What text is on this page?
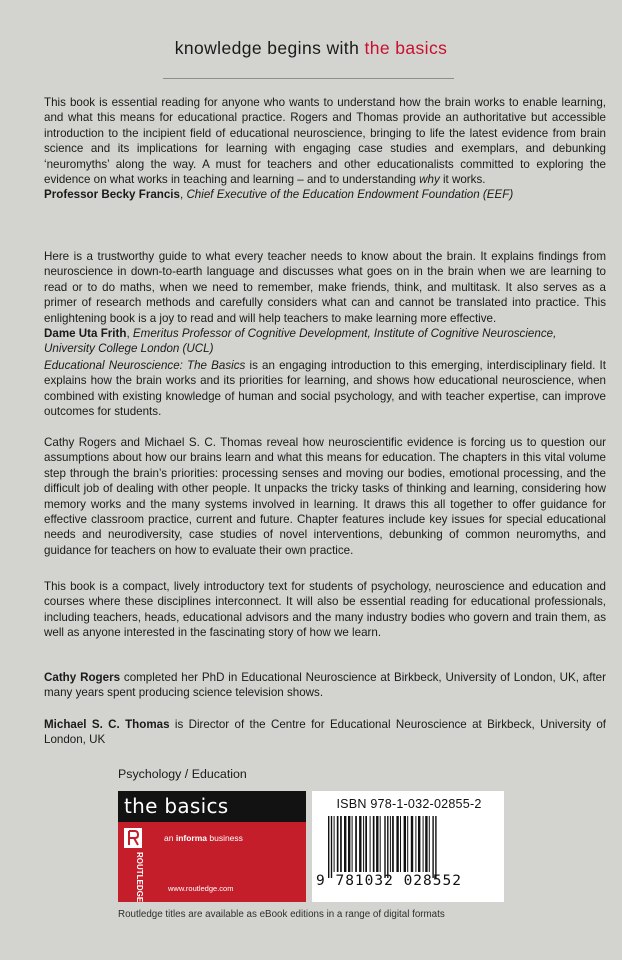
knowledge begins with the basics

This book is essential reading for anyone who wants to understand how the brain works to enable learning, and what this means for educational practice. Rogers and Thomas provide an authoritative but accessible introduction to the incipient field of educational neuroscience, bringing to life the latest evidence from brain science and its implications for learning with engaging case studies and exemplars, and debunking ‘neuromyths’ along the way. A must for teachers and other educationalists committed to exploring the evidence on what works in teaching and learning – and to understanding why it works.

Professor Becky Francis, Chief Executive of the Education Endowment Foundation (EEF)

Here is a trustworthy guide to what every teacher needs to know about the brain. It explains findings from neuroscience in down-to-earth language and discusses what goes on in the brain when we are learning to read or to do maths, when we need to remember, make friends, think, and multitask. It also serves as a primer of research methods and carefully considers what can and cannot be translated into practice. This enlightening book is a joy to read and will help teachers to make learning more effective.

Dame Uta Frith, Emeritus Professor of Cognitive Development, Institute of Cognitive Neuroscience, University College London (UCL)

Educational Neuroscience: The Basics is an engaging introduction to this emerging, interdisciplinary field. It explains how the brain works and its priorities for learning, and shows how educational neuroscience, when combined with existing knowledge of human and social psychology, and with teacher expertise, can improve outcomes for students.

Cathy Rogers and Michael S. C. Thomas reveal how neuroscientific evidence is forcing us to question our assumptions about how our brains learn and what this means for education. The chapters in this vital volume step through the brain’s priorities: processing senses and moving our bodies, emotional processing, and the difficult job of dealing with other people. It unpacks the tricky tasks of thinking and learning, considering how memory works and the many systems involved in learning. It draws this all together to offer guidance for effective classroom practice, current and future. Chapter features include key issues for special educational needs and neurodiversity, case studies of novel interventions, debunking of common neuromyths, and guidance for teachers on how to evaluate their own practice.

This book is a compact, lively introductory text for students of psychology, neuroscience and education and courses where these disciplines interconnect. It will also be essential reading for educational professionals, including teachers, heads, educational advisors and the many industry bodies who govern and train them, as well as anyone interested in the fascinating story of how we learn.

Cathy Rogers completed her PhD in Educational Neuroscience at Birkbeck, University of London, UK, after many years spent producing science television shows.

Michael S. C. Thomas is Director of the Centre for Educational Neuroscience at Birkbeck, University of London, UK

Psychology / Education
the basics
ROUTLEDGE
an informa business
www.routledge.com
ISBN 978-1-032-02855-2
9 781032 028552
Routledge titles are available as eBook editions in a range of digital formats
